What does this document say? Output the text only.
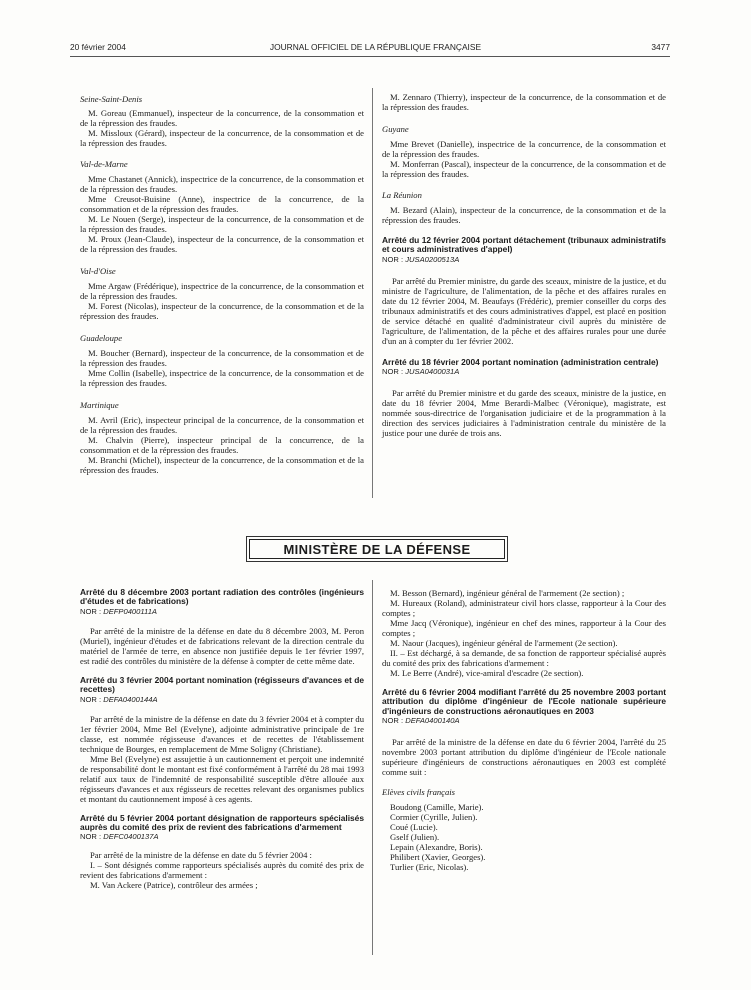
20 février 2004	JOURNAL OFFICIEL DE LA RÉPUBLIQUE FRANÇAISE	3477

Seine-Saint-Denis

M. Goreau (Emmanuel), inspecteur de la concurrence, de la consommation et de la répression des fraudes.

M. Missloux (Gérard), inspecteur de la concurrence, de la consommation et de la répression des fraudes.

Val-de-Marne

Mme Chastanet (Annick), inspectrice de la concurrence, de la consommation et de la répression des fraudes.

Mme Creusot-Buisine (Anne), inspectrice de la concurrence, de la consommation et de la répression des fraudes.

M. Le Nouen (Serge), inspecteur de la concurrence, de la consommation et de la répression des fraudes.

M. Proux (Jean-Claude), inspecteur de la concurrence, de la consommation et de la répression des fraudes.

Val-d'Oise

Mme Argaw (Frédérique), inspectrice de la concurrence, de la consommation et de la répression des fraudes.

M. Forest (Nicolas), inspecteur de la concurrence, de la consommation et de la répression des fraudes.

Guadeloupe

M. Boucher (Bernard), inspecteur de la concurrence, de la consommation et de la répression des fraudes.

Mme Collin (Isabelle), inspectrice de la concurrence, de la consommation et de la répression des fraudes.

Martinique

M. Avril (Eric), inspecteur principal de la concurrence, de la consommation et de la répression des fraudes.

M. Chalvin (Pierre), inspecteur principal de la concurrence, de la consommation et de la répression des fraudes.

M. Branchi (Michel), inspecteur de la concurrence, de la consommation et de la répression des fraudes.

M. Zennaro (Thierry), inspecteur de la concurrence, de la consommation et de la répression des fraudes.

Guyane

Mme Brevet (Danielle), inspectrice de la concurrence, de la consommation et de la répression des fraudes.

M. Monferran (Pascal), inspecteur de la concurrence, de la consommation et de la répression des fraudes.

La Réunion

M. Bezard (Alain), inspecteur de la concurrence, de la consommation et de la répression des fraudes.

Arrêté du 12 février 2004 portant détachement (tribunaux administratifs et cours administratives d'appel)

NOR : JUSA0200513A

Par arrêté du Premier ministre, du garde des sceaux, ministre de la justice, et du ministre de l'agriculture, de l'alimentation, de la pêche et des affaires rurales en date du 12 février 2004, M. Beaufays (Frédéric), premier conseiller du corps des tribunaux administratifs et des cours administratives d'appel, est placé en position de service détaché en qualité d'administrateur civil auprès du ministère de l'agriculture, de l'alimentation, de la pêche et des affaires rurales pour une durée d'un an à compter du 1er février 2002.

Arrêté du 18 février 2004 portant nomination (administration centrale)

NOR : JUSA0400031A

Par arrêté du Premier ministre et du garde des sceaux, ministre de la justice, en date du 18 février 2004, Mme Berardi-Malbec (Véronique), magistrate, est nommée sous-directrice de l'organisation judiciaire et de la programmation à la direction des services judiciaires à l'administration centrale du ministère de la justice pour une durée de trois ans.

MINISTÈRE DE LA DÉFENSE

Arrêté du 8 décembre 2003 portant radiation des contrôles (ingénieurs d'études et de fabrications)

NOR : DEFP0400111A

Par arrêté de la ministre de la défense en date du 8 décembre 2003, M. Peron (Muriel), ingénieur d'études et de fabrications relevant de la direction centrale du matériel de l'armée de terre, en absence non justifiée depuis le 1er février 1997, est radié des contrôles du ministère de la défense à compter de cette même date.

Arrêté du 3 février 2004 portant nomination (régisseurs d'avances et de recettes)

NOR : DEFA0400144A

Par arrêté de la ministre de la défense en date du 3 février 2004 et à compter du 1er février 2004, Mme Bel (Evelyne), adjointe administrative principale de 1re classe, est nommée régisseuse d'avances et de recettes de l'établissement technique de Bourges, en remplacement de Mme Soligny (Christiane).

Mme Bel (Evelyne) est assujettie à un cautionnement et perçoit une indemnité de responsabilité dont le montant est fixé conformément à l'arrêté du 28 mai 1993 relatif aux taux de l'indemnité de responsabilité susceptible d'être allouée aux régisseurs d'avances et aux régisseurs de recettes relevant des organismes publics et montant du cautionnement imposé à ces agents.

Arrêté du 5 février 2004 portant désignation de rapporteurs spécialisés auprès du comité des prix de revient des fabrications d'armement

NOR : DEFC0400137A

Par arrêté de la ministre de la défense en date du 5 février 2004 :

I. – Sont désignés comme rapporteurs spécialisés auprès du comité des prix de revient des fabrications d'armement :

M. Van Ackere (Patrice), contrôleur des armées ;

M. Besson (Bernard), ingénieur général de l'armement (2e section) ;

M. Hureaux (Roland), administrateur civil hors classe, rapporteur à la Cour des comptes ;

Mme Jacq (Véronique), ingénieur en chef des mines, rapporteur à la Cour des comptes ;

M. Naour (Jacques), ingénieur général de l'armement (2e section).

II. – Est déchargé, à sa demande, de sa fonction de rapporteur spécialisé auprès du comité des prix des fabrications d'armement :

M. Le Berre (André), vice-amiral d'escadre (2e section).

Arrêté du 6 février 2004 modifiant l'arrêté du 25 novembre 2003 portant attribution du diplôme d'ingénieur de l'Ecole nationale supérieure d'ingénieurs de constructions aéronautiques en 2003

NOR : DEFA0400140A

Par arrêté de la ministre de la défense en date du 6 février 2004, l'arrêté du 25 novembre 2003 portant attribution du diplôme d'ingénieur de l'Ecole nationale supérieure d'ingénieurs de constructions aéronautiques en 2003 est complété comme suit :

Elèves civils français

Boudong (Camille, Marie).

Cormier (Cyrille, Julien).

Coué (Lucie).

Gself (Julien).

Lepain (Alexandre, Boris).

Philibert (Xavier, Georges).

Turlier (Eric, Nicolas).
